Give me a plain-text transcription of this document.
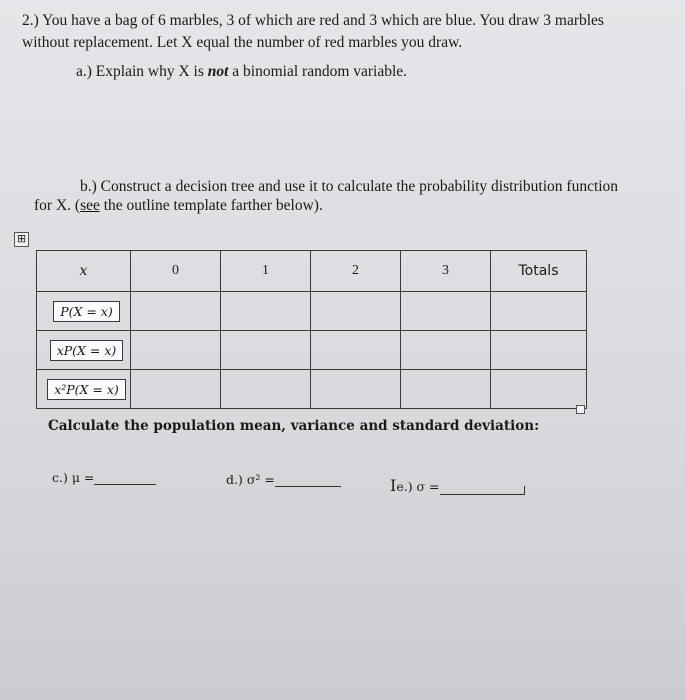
2.) You have a bag of 6 marbles, 3 of which are red and 3 which are blue. You draw 3 marbles
without replacement. Let X equal the number of red marbles you draw.
a.) Explain why X is not a binomial random variable.
b.) Construct a decision tree and use it to calculate the probability distribution function
for X. (see the outline template farther below).
⊞
x	0	1	2	3	Totals
P(X = x)					
xP(X = x)					
x²P(X = x)					
Calculate the population mean, variance and standard deviation:
c.) μ =	d.) σ² =	Ie.) σ =
